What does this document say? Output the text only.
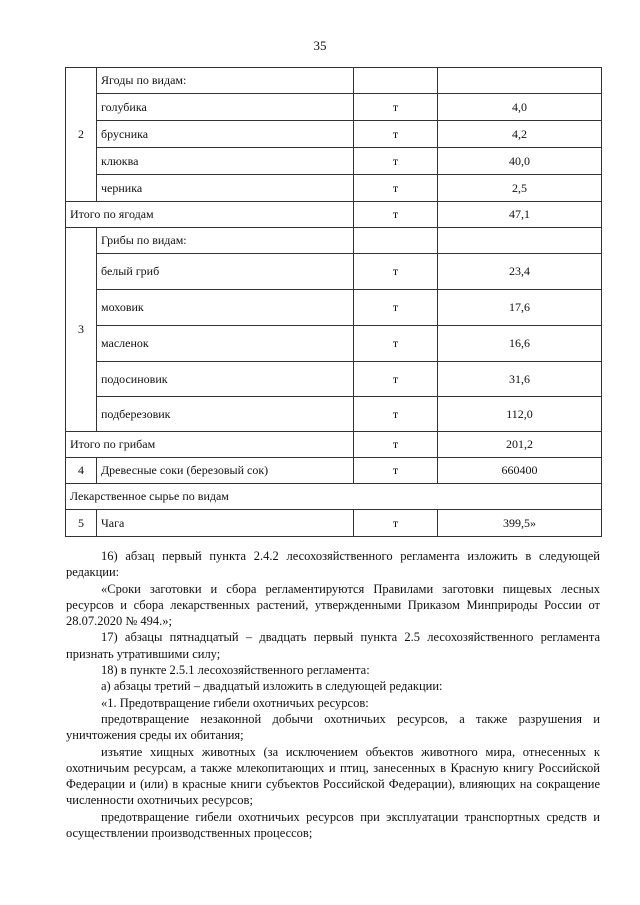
35
2	Ягоды по видам:		
	голубика	т	4,0
	брусника	т	4,2
	клюква	т	40,0
	черника	т	2,5
Итого по ягодам		т	47,1
3	Грибы по видам:		
	белый гриб	т	23,4
	моховик	т	17,6
	масленок	т	16,6
	подосиновик	т	31,6
	подберезовик	т	112,0
Итого по грибам		т	201,2
4	Древесные соки (березовый сок)	т	660400
Лекарственное сырье по видам			
5	Чага	т	399,5»

16) абзац первый пункта 2.4.2 лесохозяйственного регламента изложить в следующей редакции:

«Сроки заготовки и сбора регламентируются Правилами заготовки пищевых лесных ресурсов и сбора лекарственных растений, утвержденными Приказом Минприроды России от 28.07.2020 № 494.»;

17) абзацы пятнадцатый – двадцать первый пункта 2.5 лесохозяйственного регламента признать утратившими силу;

18) в пункте 2.5.1 лесохозяйственного регламента:

а) абзацы третий – двадцатый изложить в следующей редакции:

«1. Предотвращение гибели охотничьих ресурсов:

предотвращение незаконной добычи охотничьих ресурсов, а также разрушения и уничтожения среды их обитания;

изъятие хищных животных (за исключением объектов животного мира, отнесенных к охотничьим ресурсам, а также млекопитающих и птиц, занесенных в Красную книгу Российской Федерации и (или) в красные книги субъектов Российской Федерации), влияющих на сокращение численности охотничьих ресурсов;

предотвращение гибели охотничьих ресурсов при эксплуатации транспортных средств и осуществлении производственных процессов;
